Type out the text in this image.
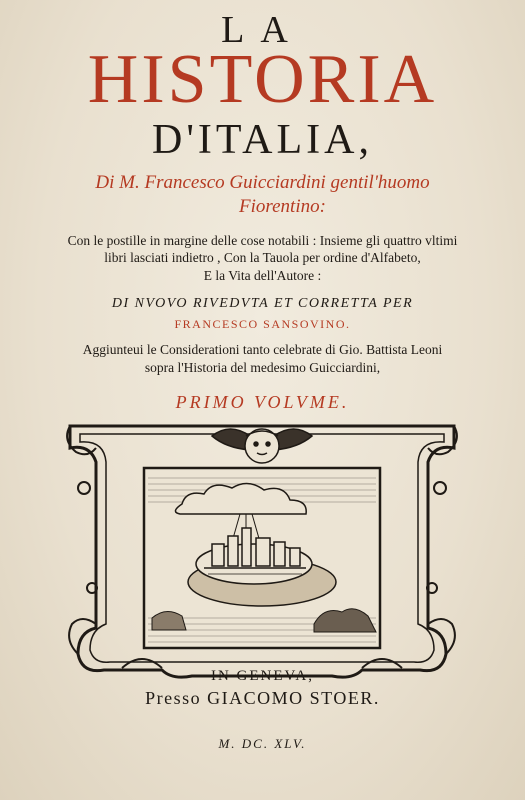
LA
HISTORIA
D'ITALIA,
Di M. Francesco Guicciardini gentil'huomo
Fiorentino:
Con le postille in margine delle cose notabili : Insieme gli quattro vltimi
libri lasciati indietro , Con la Tauola per ordine d'Alfabeto,
E la Vita dell'Autore :
DI NVOVO RIVEDVTA ET CORRETTA PER
FRANCESCO SANSOVINO.
Aggiunteui le Considerationi tanto celebrate di Gio. Battista Leoni
sopra l'Historia del medesimo Guicciardini,
PRIMO VOLVME.
IN GENEVA,
Presso GIACOMO STOER.
M. DC. XLV.
